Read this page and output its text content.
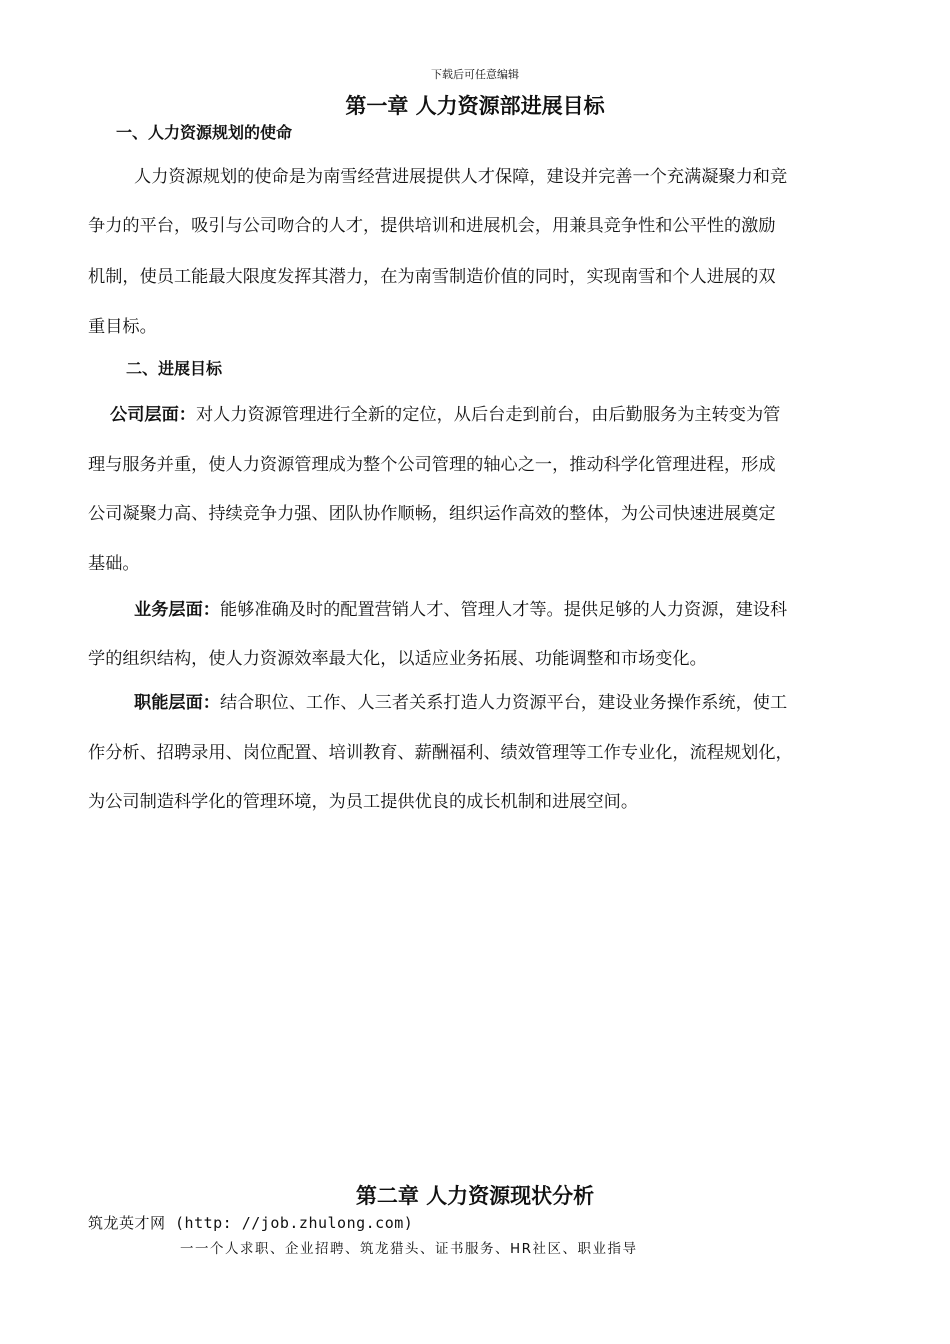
下载后可任意编辑
第一章 人力资源部进展目标
一、人力资源规划的使命
人力资源规划的使命是为南雪经营进展提供人才保障，建设并完善一个充满凝聚力和竞
争力的平台，吸引与公司吻合的人才，提供培训和进展机会，用兼具竞争性和公平性的激励
机制，使员工能最大限度发挥其潜力，在为南雪制造价值的同时，实现南雪和个人进展的双
重目标。
二、进展目标
公司层面：对人力资源管理进行全新的定位，从后台走到前台，由后勤服务为主转变为管
理与服务并重，使人力资源管理成为整个公司管理的轴心之一，推动科学化管理进程，形成
公司凝聚力高、持续竞争力强、团队协作顺畅，组织运作高效的整体，为公司快速进展奠定
基础。
业务层面：能够准确及时的配置营销人才、管理人才等。提供足够的人力资源，建设科
学的组织结构，使人力资源效率最大化，以适应业务拓展、功能调整和市场变化。
职能层面：结合职位、工作、人三者关系打造人力资源平台，建设业务操作系统，使工
作分析、招聘录用、岗位配置、培训教育、薪酬福利、绩效管理等工作专业化，流程规划化，
为公司制造科学化的管理环境，为员工提供优良的成长机制和进展空间。
第二章 人力资源现状分析
筑龙英才网 (http: //job.zhulong.com)
一一个人求职、企业招聘、筑龙猎头、证书服务、HR社区、职业指导
